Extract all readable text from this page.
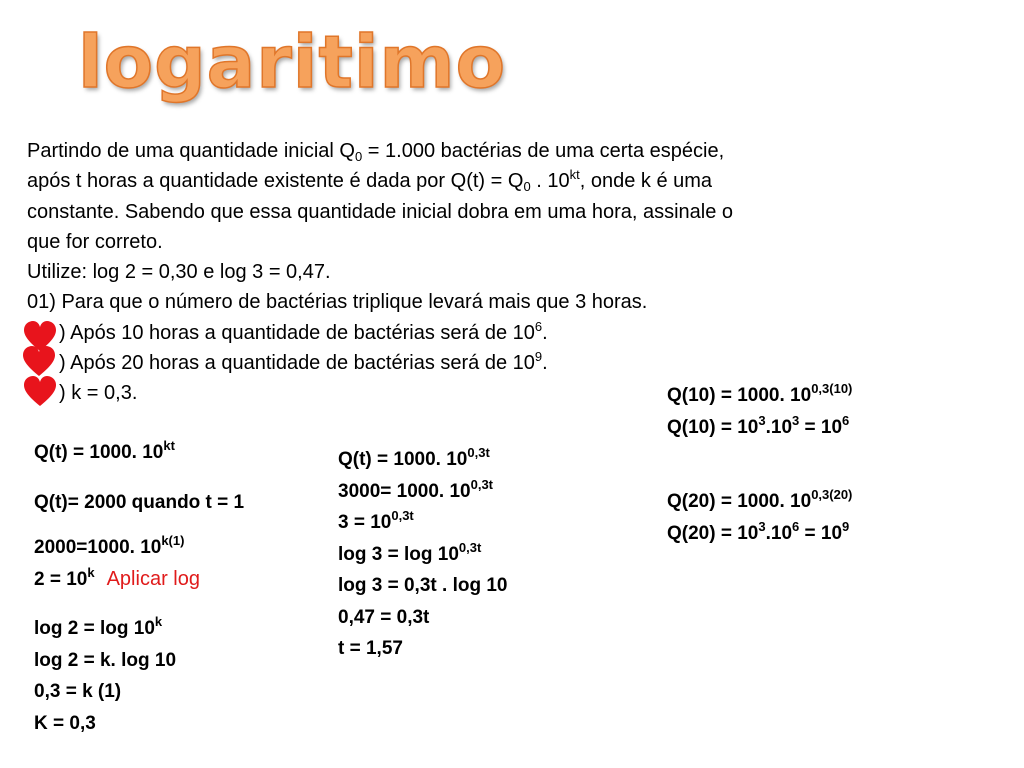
logaritimo
Partindo de uma quantidade inicial $Q_0 = 1.000$ bactérias de uma certa espécie,
após t horas a quantidade existente é dada por $Q(t) = Q_0$ . $10^{kt}$, onde k é uma
constante. Sabendo que essa quantidade inicial dobra em uma hora, assinale o
que for correto.
Utilize: log 2 = 0,30 e log 3 = 0,47.
01) Para que o número de bactérias triplique levará mais que 3 horas.
) Após 10 horas a quantidade de bactérias será de $10^6$.
) Após 20 horas a quantidade de bactérias será de $10^9$.
) k = 0,3.
Q(t) = 1000. $10^{kt}$
Q(t)= 2000 quando t = 1
2000=1000. $10^{k(1)}$
$2 = 10^k$ Aplicar log
log 2 = log 10$^k$
log 2 = k. log 10
0,3 = k (1)
K = 0,3
Q(t) = 1000. $10^{0,3t}$
3000= 1000. $10^{0,3t}$
$3 = 10^{0,3t}$
$\log 3 = \log 10^{0,3t}$
log 3 = 0,3t . log 10
0,47 = 0,3t
t = 1,57
Q(10) = 1000. $10^{0,3(10)}$
$Q(10) = 10^3.10^3 = 10^6$
Q(20) = 1000. $10^{0,3(20)}$
$Q(20) = 10^3.10^6 = 10^9$
